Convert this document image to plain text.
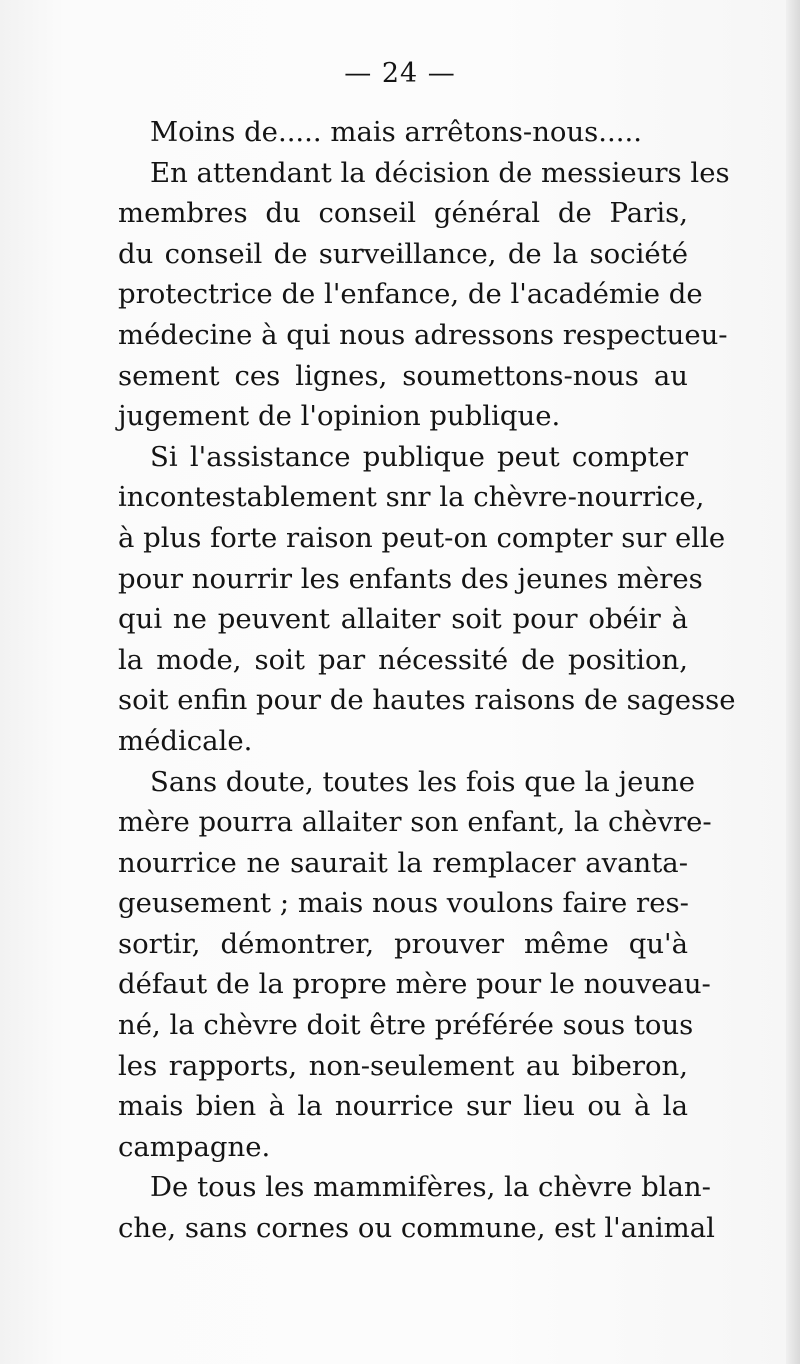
— 24 —

Moins de..... mais arrêtons-nous.....

En attendant la décision de messieurs les
membres du conseil général de Paris,
du conseil de surveillance, de la société
protectrice de l'enfance, de l'académie de
médecine à qui nous adressons respectueu-
sement ces lignes, soumettons-nous au
jugement de l'opinion publique.

Si l'assistance publique peut compter
incontestablement snr la chèvre-nourrice,
à plus forte raison peut-on compter sur elle
pour nourrir les enfants des jeunes mères
qui ne peuvent allaiter soit pour obéir à
la mode, soit par nécessité de position,
soit enfin pour de hautes raisons de sagesse
médicale.

Sans doute, toutes les fois que la jeune
mère pourra allaiter son enfant, la chèvre-
nourrice ne saurait la remplacer avanta-
geusement ; mais nous voulons faire res-
sortir, démontrer, prouver même qu'à
défaut de la propre mère pour le nouveau-
né, la chèvre doit être préférée sous tous
les rapports, non-seulement au biberon,
mais bien à la nourrice sur lieu ou à la
campagne.

De tous les mammifères, la chèvre blan-
che, sans cornes ou commune, est l'animal
